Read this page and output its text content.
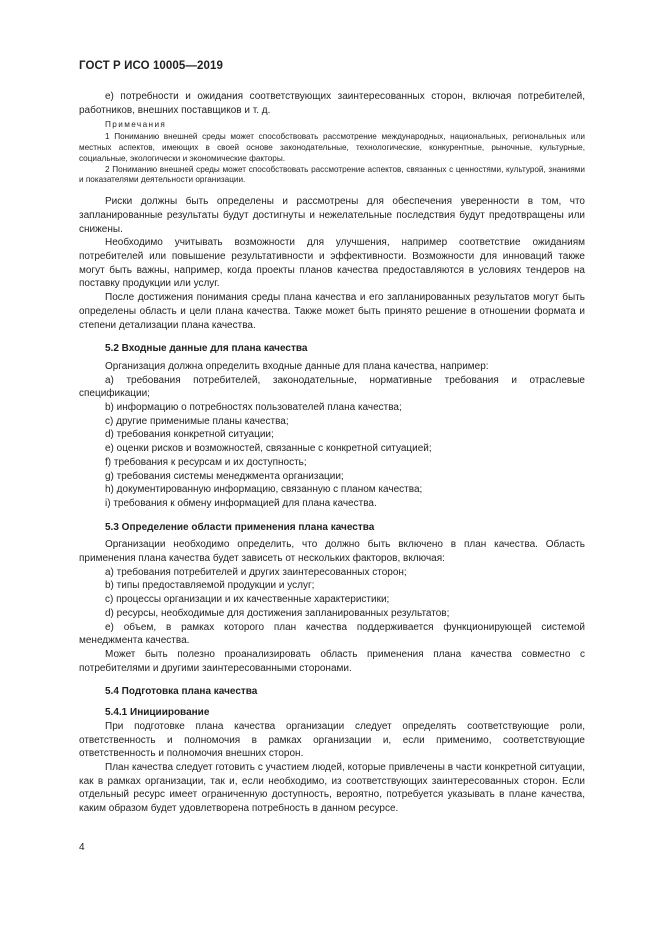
ГОСТ Р ИСО 10005—2019

e) потребности и ожидания соответствующих заинтересованных сторон, включая потребителей, работников, внешних поставщиков и т. д.

Примечания

1 Пониманию внешней среды может способствовать рассмотрение международных, национальных, региональных или местных аспектов, имеющих в своей основе законодательные, технологические, конкурентные, рыночные, культурные, социальные, экологически и экономические факторы.

2 Пониманию внешней среды может способствовать рассмотрение аспектов, связанных с ценностями, культурой, знаниями и показателями деятельности организации.

Риски должны быть определены и рассмотрены для обеспечения уверенности в том, что запланированные результаты будут достигнуты и нежелательные последствия будут предотвращены или снижены.

Необходимо учитывать возможности для улучшения, например соответствие ожиданиям потребителей или повышение результативности и эффективности. Возможности для инноваций также могут быть важны, например, когда проекты планов качества предоставляются в условиях тендеров на поставку продукции или услуг.

После достижения понимания среды плана качества и его запланированных результатов могут быть определены область и цели плана качества. Также может быть принято решение в отношении формата и степени детализации плана качества.

5.2 Входные данные для плана качества

Организация должна определить входные данные для плана качества, например:

a) требования потребителей, законодательные, нормативные требования и отраслевые спецификации;

b) информацию о потребностях пользователей плана качества;

c) другие применимые планы качества;

d) требования конкретной ситуации;

e) оценки рисков и возможностей, связанные с конкретной ситуацией;

f) требования к ресурсам и их доступность;

g) требования системы менеджмента организации;

h) документированную информацию, связанную с планом качества;

i) требования к обмену информацией для плана качества.

5.3 Определение области применения плана качества

Организации необходимо определить, что должно быть включено в план качества. Область применения плана качества будет зависеть от нескольких факторов, включая:

a) требования потребителей и других заинтересованных сторон;

b) типы предоставляемой продукции и услуг;

c) процессы организации и их качественные характеристики;

d) ресурсы, необходимые для достижения запланированных результатов;

e) объем, в рамках которого план качества поддерживается функционирующей системой менеджмента качества.

Может быть полезно проанализировать область применения плана качества совместно с потребителями и другими заинтересованными сторонами.

5.4 Подготовка плана качества

5.4.1 Инициирование

При подготовке плана качества организации следует определять соответствующие роли, ответственность и полномочия в рамках организации и, если применимо, соответствующие ответственность и полномочия внешних сторон.

План качества следует готовить с участием людей, которые привлечены в части конкретной ситуации, как в рамках организации, так и, если необходимо, из соответствующих заинтересованных сторон. Если отдельный ресурс имеет ограниченную доступность, вероятно, потребуется указывать в плане качества, каким образом будет удовлетворена потребность в данном ресурсе.

4
